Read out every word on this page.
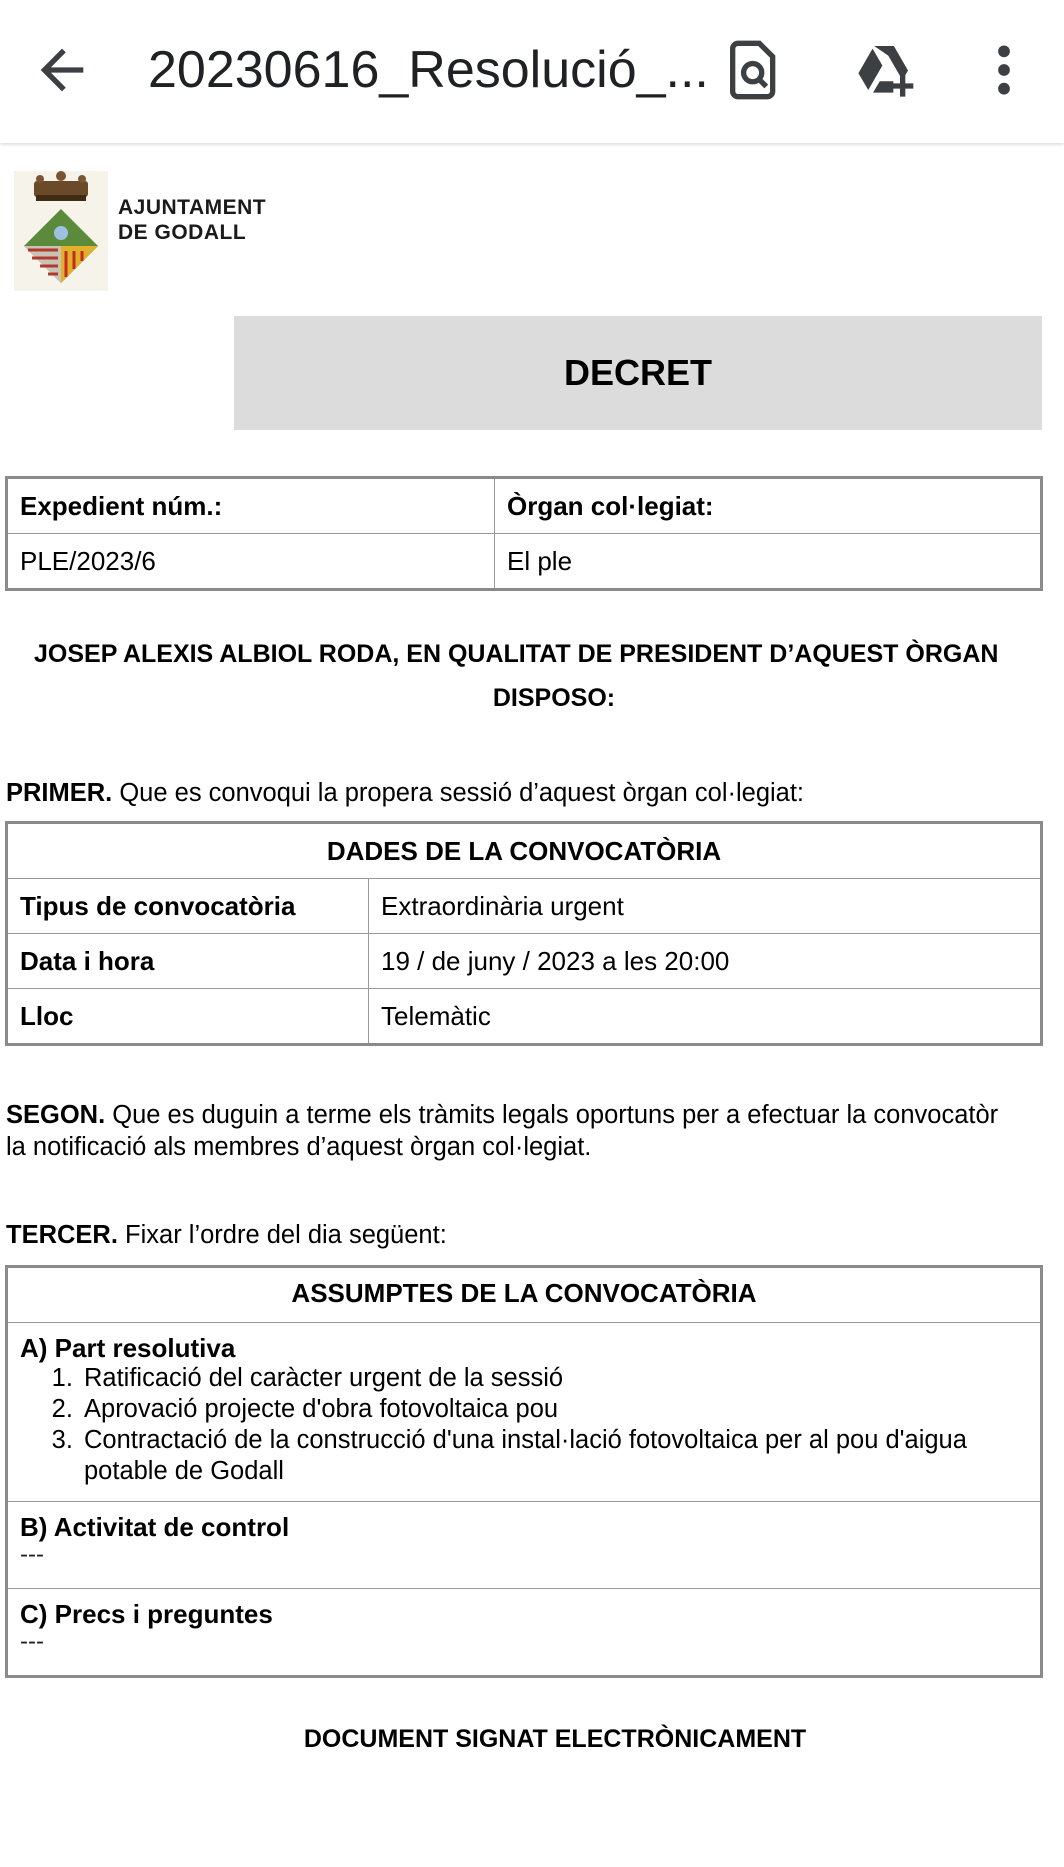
20230616_Resolució_...
AJUNTAMENT
DE GODALL
DECRET
Expedient núm.:	Òrgan col·legiat:
PLE/2023/6	El ple
JOSEP ALEXIS ALBIOL RODA, EN QUALITAT DE PRESIDENT D’AQUEST ÒRGAN
DISPOSO:
PRIMER. Que es convoqui la propera sessió d’aquest òrgan col·legiat:
DADES DE LA CONVOCATÒRIA	
Tipus de convocatòria	Extraordinària urgent
Data i hora	19 / de juny / 2023 a les 20:00
Lloc	Telemàtic
SEGON. Que es duguin a terme els tràmits legals oportuns per a efectuar la convocatòr
la notificació als membres d’aquest òrgan col·legiat.
TERCER. Fixar l’ordre del dia següent:
ASSUMPTES DE LA CONVOCATÒRIA

A) Part resolutiva
1. Ratificació del caràcter urgent de la sessió
2. Aprovació projecte d'obra fotovoltaica pou
3. Contractació de la construcció d'una instal·lació fotovoltaica per al pou d'aigua potable de Godall

B) Activitat de control
---

C) Precs i preguntes
---
DOCUMENT SIGNAT ELECTRÒNICAMENT
